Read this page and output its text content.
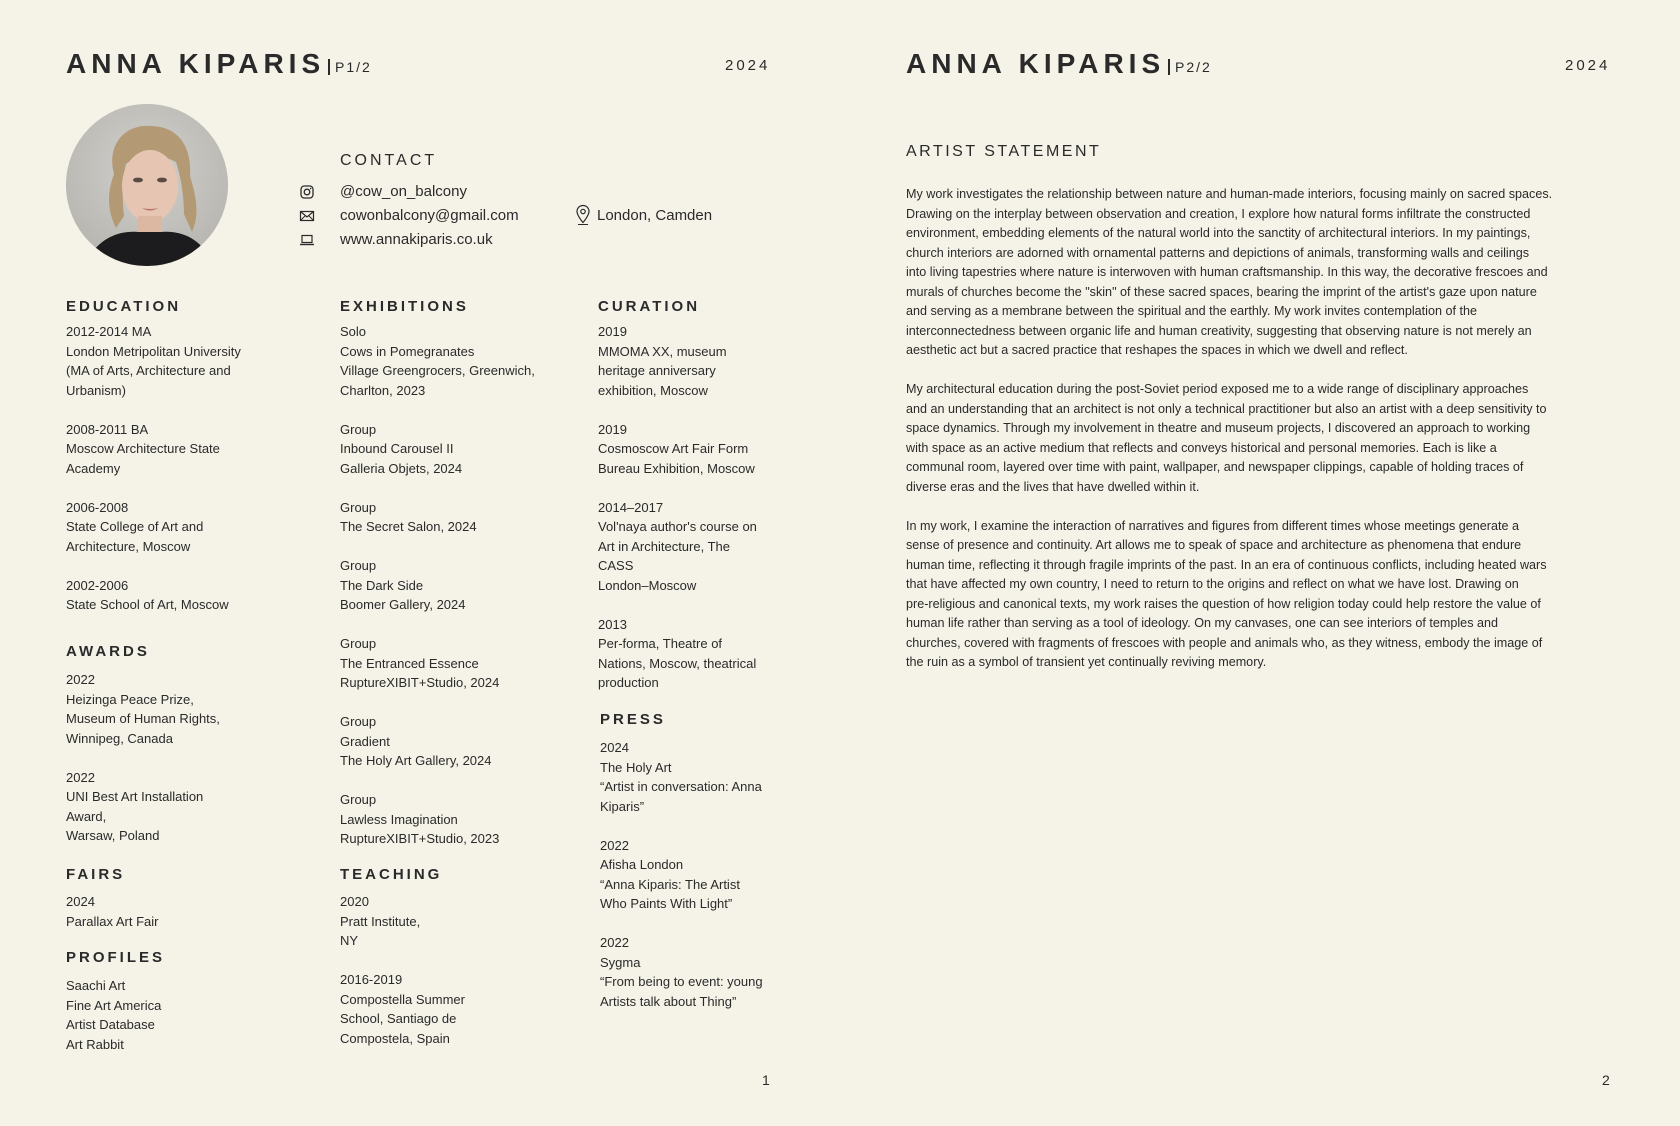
ANNA KIPARIS P1/2	2024
CONTACT
@cow_on_balcony
cowonbalcony@gmail.com
www.annakiparis.co.uk
London, Camden
EDUCATION
2012-2014 MA
London Metripolitan University
(MA of Arts, Architecture and
Urbanism)
2008-2011 BA
Moscow Architecture State
Academy
2006-2008
State College of Art and
Architecture, Moscow
2002-2006
State School of Art, Moscow
AWARDS
2022
Heizinga Peace Prize,
Museum of Human Rights,
Winnipeg, Canada
2022
UNI Best Art Installation
Award,
Warsaw, Poland
FAIRS
2024
Parallax Art Fair
PROFILES
Saachi Art
Fine Art America
Artist Database
Art Rabbit
EXHIBITIONS
Solo
Cows in Pomegranates
Village Greengrocers, Greenwich,
Charlton, 2023
Group
Inbound Carousel II
Galleria Objets, 2024
Group
The Secret Salon, 2024
Group
The Dark Side
Boomer Gallery, 2024
Group
The Entranced Essence
RuptureXIBIT+Studio, 2024
Group
Gradient
The Holy Art Gallery, 2024
Group
Lawless Imagination
RuptureXIBIT+Studio, 2023
TEACHING
2020
Pratt Institute,
NY
2016-2019
Compostella Summer
School, Santiago de
Compostela, Spain
CURATION
2019
MMOMA XX, museum
heritage anniversary
exhibition, Moscow
2019
Cosmoscow Art Fair Form
Bureau Exhibition, Moscow
2014–2017
Vol'naya author's course on
Art in Architecture, The
CASS
London–Moscow
2013
Per-forma, Theatre of
Nations, Moscow, theatrical
production
PRESS
2024
The Holy Art
“Artist in conversation: Anna
Kiparis”
2022
Afisha London
“Anna Kiparis: The Artist
Who Paints With Light”
2022
Sygma
“From being to event: young
Artists talk about Thing”
1
ANNA KIPARIS P2/2	2024
ARTIST STATEMENT

My work investigates the relationship between nature and human-made interiors, focusing mainly on sacred spaces.
Drawing on the interplay between observation and creation, I explore how natural forms infiltrate the constructed
environment, embedding elements of the natural world into the sanctity of architectural interiors. In my paintings,
church interiors are adorned with ornamental patterns and depictions of animals, transforming walls and ceilings
into living tapestries where nature is interwoven with human craftsmanship. In this way, the decorative frescoes and
murals of churches become the "skin" of these sacred spaces, bearing the imprint of the artist's gaze upon nature
and serving as a membrane between the spiritual and the earthly. My work invites contemplation of the
interconnectedness between organic life and human creativity, suggesting that observing nature is not merely an
aesthetic act but a sacred practice that reshapes the spaces in which we dwell and reflect.

My architectural education during the post-Soviet period exposed me to a wide range of disciplinary approaches
and an understanding that an architect is not only a technical practitioner but also an artist with a deep sensitivity to
space dynamics. Through my involvement in theatre and museum projects, I discovered an approach to working
with space as an active medium that reflects and conveys historical and personal memories. Each is like a
communal room, layered over time with paint, wallpaper, and newspaper clippings, capable of holding traces of
diverse eras and the lives that have dwelled within it.

In my work, I examine the interaction of narratives and figures from different times whose meetings generate a
sense of presence and continuity. Art allows me to speak of space and architecture as phenomena that endure
human time, reflecting it through fragile imprints of the past. In an era of continuous conflicts, including heated wars
that have affected my own country, I need to return to the origins and reflect on what we have lost. Drawing on
pre-religious and canonical texts, my work raises the question of how religion today could help restore the value of
human life rather than serving as a tool of ideology. On my canvases, one can see interiors of temples and
churches, covered with fragments of frescoes with people and animals who, as they witness, embody the image of
the ruin as a symbol of transient yet continually reviving memory.

2
